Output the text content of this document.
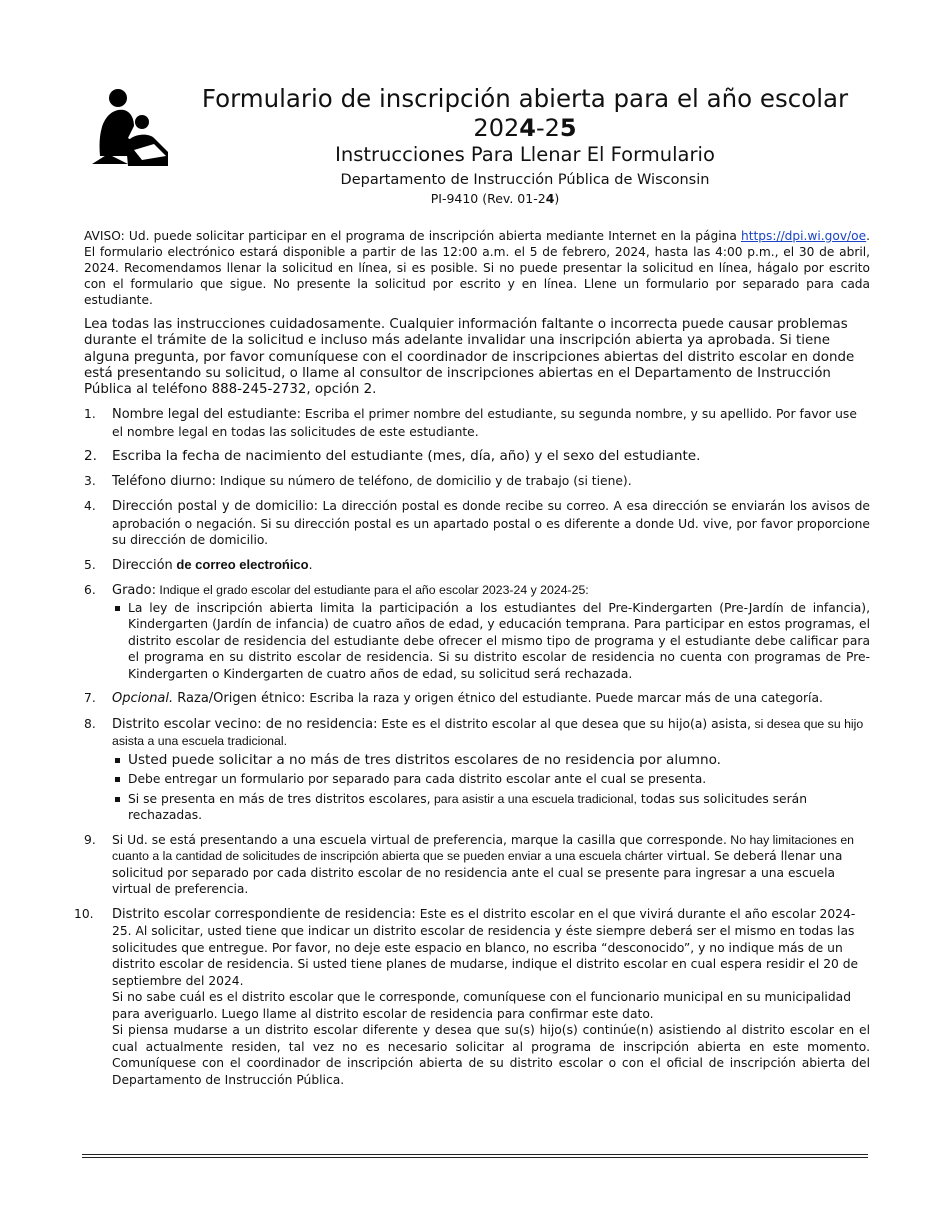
Formulario de inscripción abierta para el año escolar
2024-25
Instrucciones Para Llenar El Formulario
Departamento de Instrucción Pública de Wisconsin
PI-9410 (Rev. 01-24)
AVISO: Ud. puede solicitar participar en el programa de inscripción abierta mediante Internet en la página https://dpi.wi.gov/oe. El formulario electrónico estará disponible a partir de las 12:00 a.m. el 5 de febrero, 2024, hasta las 4:00 p.m., el 30 de abril, 2024. Recomendamos llenar la solicitud en línea, si es posible. Si no puede presentar la solicitud en línea, hágalo por escrito con el formulario que sigue. No presente la solicitud por escrito y en línea. Llene un formulario por separado para cada estudiante.
Lea todas las instrucciones cuidadosamente. Cualquier información faltante o incorrecta puede causar problemas durante el trámite de la solicitud e incluso más adelante invalidar una inscripción abierta ya aprobada. Si tiene alguna pregunta, por favor comuníquese con el coordinador de inscripciones abiertas del distrito escolar en donde está presentando su solicitud, o llame al consultor de inscripciones abiertas en el Departamento de Instrucción Pública al teléfono 888-245-2732, opción 2.
1. Nombre legal del estudiante: Escriba el primer nombre del estudiante, su segunda nombre, y su apellido. Por favor use el nombre legal en todas las solicitudes de este estudiante.
2. Escriba la fecha de nacimiento del estudiante (mes, día, año) y el sexo del estudiante.
3. Teléfono diurno: Indique su número de teléfono, de domicilio y de trabajo (si tiene).
4. Dirección postal y de domicilio: La dirección postal es donde recibe su correo. A esa dirección se enviarán los avisos de aprobación o negación. Si su dirección postal es un apartado postal o es diferente a donde Ud. vive, por favor proporcione su dirección de domicilio.
5. Dirección de correo electrońico.
6. Grado: Indique el grado escolar del estudiante para el año escolar 2023-24 y 2024-25:
La ley de inscripción abierta limita la participación a los estudiantes del Pre-Kindergarten (Pre-Jardín de infancia), Kindergarten (Jardín de infancia) de cuatro años de edad, y educación temprana. Para participar en estos programas, el distrito escolar de residencia del estudiante debe ofrecer el mismo tipo de programa y el estudiante debe calificar para el programa en su distrito escolar de residencia. Si su distrito escolar de residencia no cuenta con programas de Pre-Kindergarten o Kindergarten de cuatro años de edad, su solicitud será rechazada.
7. Opcional. Raza/Origen étnico: Escriba la raza y origen étnico del estudiante. Puede marcar más de una categoría.
8. Distrito escolar vecino: de no residencia: Este es el distrito escolar al que desea que su hijo(a) asista, si desea que su hijo asista a una escuela tradicional.
Usted puede solicitar a no más de tres distritos escolares de no residencia por alumno.
Debe entregar un formulario por separado para cada distrito escolar ante el cual se presenta.
Si se presenta en más de tres distritos escolares, para asistir a una escuela tradicional, todas sus solicitudes serán rechazadas.
9. Si Ud. se está presentando a una escuela virtual de preferencia, marque la casilla que corresponde. No hay limitaciones en cuanto a la cantidad de solicitudes de inscripción abierta que se pueden enviar a una escuela chárter virtual. Se deberá llenar una solicitud por separado por cada distrito escolar de no residencia ante el cual se presente para ingresar a una escuela virtual de preferencia.
10. Distrito escolar correspondiente de residencia: Este es el distrito escolar en el que vivirá durante el año escolar 2024-25. Al solicitar, usted tiene que indicar un distrito escolar de residencia y éste siempre deberá ser el mismo en todas las solicitudes que entregue. Por favor, no deje este espacio en blanco, no escriba “desconocido”, y no indique más de un distrito escolar de residencia. Si usted tiene planes de mudarse, indique el distrito escolar en cual espera residir el 20 de septiembre del 2024.
Si no sabe cuál es el distrito escolar que le corresponde, comuníquese con el funcionario municipal en su municipalidad para averiguarlo. Luego llame al distrito escolar de residencia para confirmar este dato.
Si piensa mudarse a un distrito escolar diferente y desea que su(s) hijo(s) continúe(n) asistiendo al distrito escolar en el cual actualmente residen, tal vez no es necesario solicitar al programa de inscripción abierta en este momento. Comuníquese con el coordinador de inscripción abierta de su distrito escolar o con el oficial de inscripción abierta del Departamento de Instrucción Pública.
